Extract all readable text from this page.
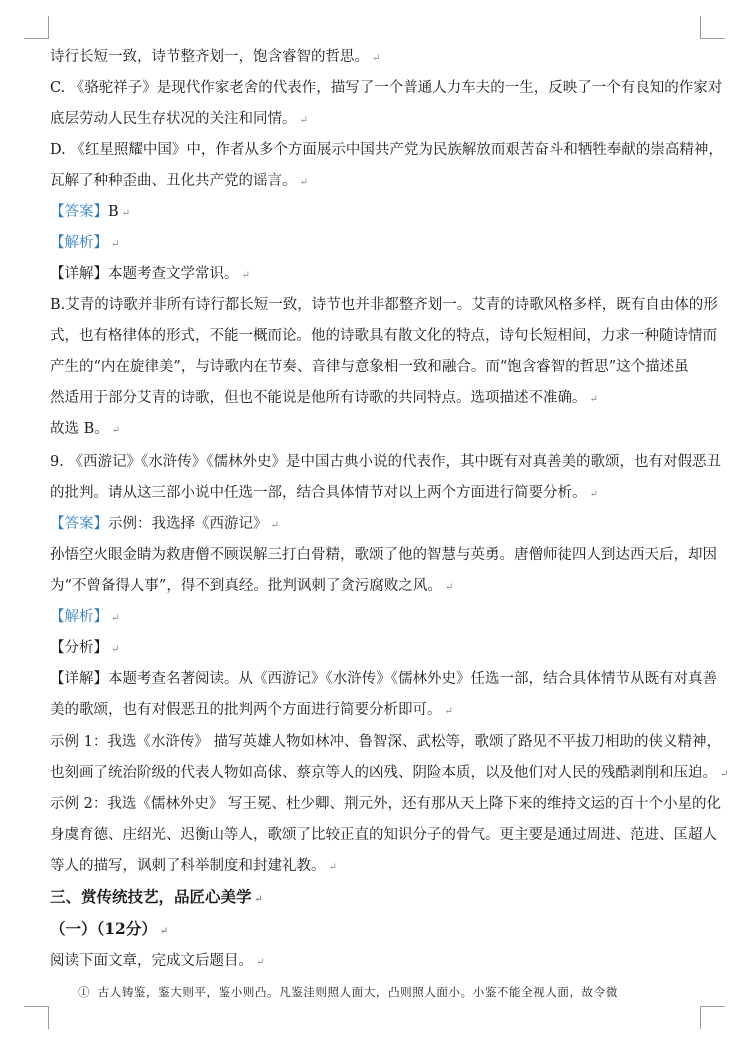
诗行长短一致，诗节整齐划一，饱含睿智的哲思。 ↵
C. 《骆驼祥子》是现代作家老舍的代表作，描写了一个普通人力车夫的一生，反映了一个有良知的作家对
底层劳动人民生存状况的关注和同情。 ↵
D. 《红星照耀中国》中，作者从多个方面展示中国共产党为民族解放而艰苦奋斗和牺牲奉献的崇高精神，
瓦解了种种歪曲、丑化共产党的谣言。 ↵
【答案】B ↵
【解析】 ↵
【详解】本题考查文学常识。 ↵
B.艾青的诗歌并非所有诗行都长短一致，诗节也并非都整齐划一。艾青的诗歌风格多样，既有自由体的形
式，也有格律体的形式，不能一概而论。他的诗歌具有散文化的特点，诗句长短相间，力求一种随诗情而
产生的“内在旋律美”，与诗歌内在节奏、音律与意象相一致和融合。而“饱含睿智的哲思”这个描述虽
然适用于部分艾青的诗歌，但也不能说是他所有诗歌的共同特点。选项描述不准确。 ↵
故选 B。 ↵
9. 《西游记》《水浒传》《儒林外史》是中国古典小说的代表作，其中既有对真善美的歌颂，也有对假恶丑
的批判。请从这三部小说中任选一部，结合具体情节对以上两个方面进行简要分析。 ↵
【答案】示例：我选择《西游记》 ↵
孙悟空火眼金睛为救唐僧不顾误解三打白骨精，歌颂了他的智慧与英勇。唐僧师徒四人到达西天后，却因
为“不曾备得人事”，得不到真经。批判讽刺了贪污腐败之风。 ↵
【解析】 ↵
【分析】 ↵
【详解】本题考查名著阅读。从《西游记》《水浒传》《儒林外史》任选一部，结合具体情节从既有对真善
美的歌颂，也有对假恶丑的批判两个方面进行简要分析即可。 ↵
示例 1：我选《水浒传》 描写英雄人物如林冲、鲁智深、武松等，歌颂了路见不平拔刀相助的侠义精神，
也刻画了统治阶级的代表人物如高俅、蔡京等人的凶残、阴险本质，以及他们对人民的残酷剥削和压迫。 ↵
示例 2：我选《儒林外史》 写王冕、杜少卿、荆元外，还有那从天上降下来的维持文运的百十个小星的化
身虞育德、庄绍光、迟衡山等人，歌颂了比较正直的知识分子的骨气。更主要是通过周进、范进、匡超人
等人的描写，讽刺了科举制度和封建礼教。 ↵
三、赏传统技艺，品匠心美学 ↵
（一）（12分） ↵
阅读下面文章，完成文后题目。 ↵
① 古人铸鉴，鉴大则平，鉴小则凸。凡鉴洼则照人面大，凸则照人面小。小鉴不能全视人面，故令微
